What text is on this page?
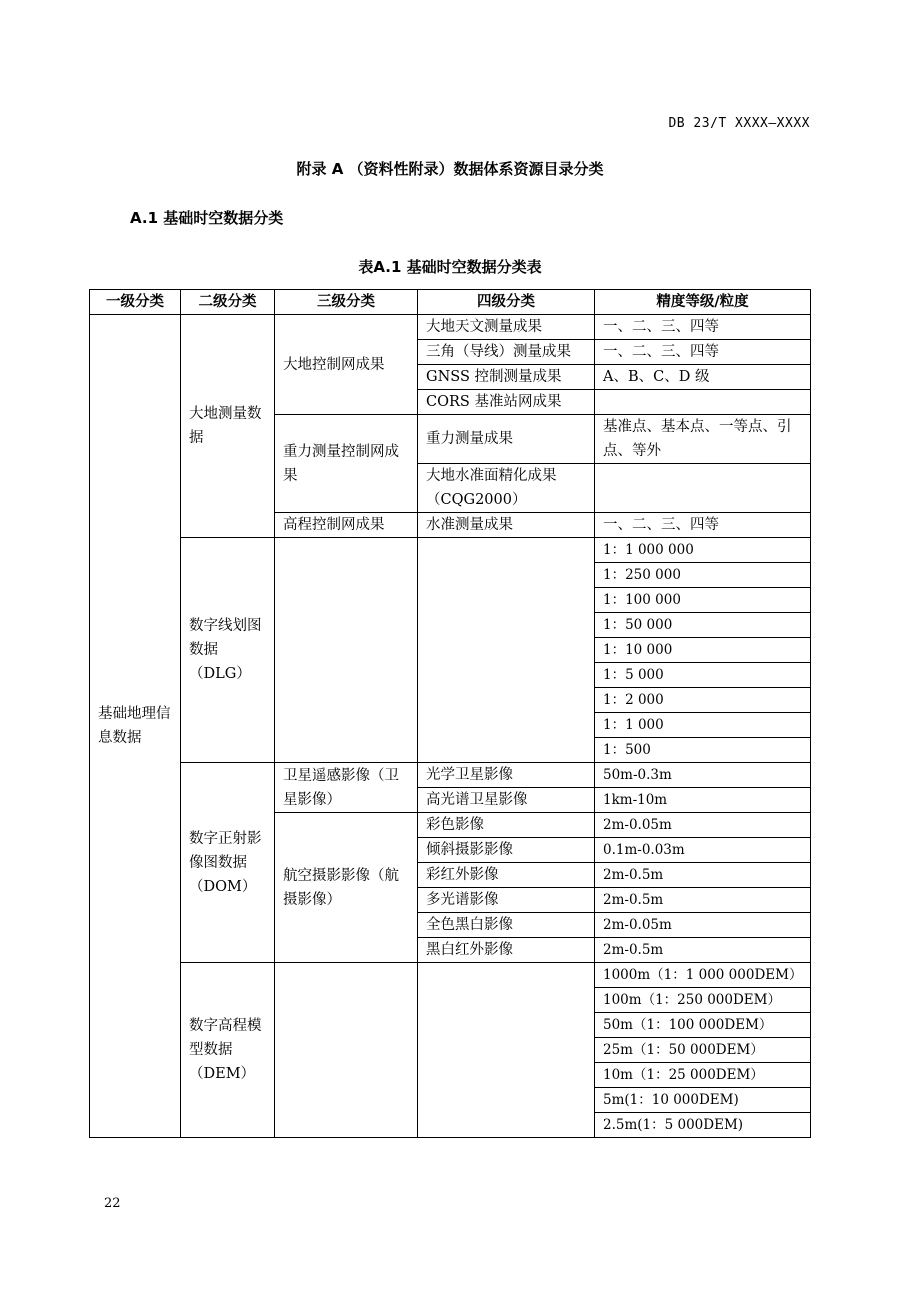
DB 23/T XXXX—XXXX
附录 A （资料性附录）数据体系资源目录分类
A.1 基础时空数据分类
表A.1 基础时空数据分类表
一级分类	二级分类	三级分类	四级分类	精度等级/粒度
基础地理信息数据	大地测量数据	大地控制网成果	大地天文测量成果	一、二、三、四等
			三角（导线）测量成果	一、二、三、四等

			GNSS 控制测量成果	A、B、C、D 级
			CORS 基准站网成果	
		重力测量控制网成果	重力测量成果	基准点、基本点、一等点、引点、等外

			大地水准面精化成果（CQG2000）	
		高程控制网成果	水准测量成果	一、二、三、四等
	数字线划图数据（DLG）			1：1 000 000
				1：250 000
				1：100 000
				1：50 000
				1：10 000
				1：5 000
				1：2 000
				1：1 000
				1：500
	数字正射影像图数据（DOM）	卫星遥感影像（卫星影像）	光学卫星影像	50m-0.3m
			高光谱卫星影像	1km-10m
		航空摄影影像（航摄影像）	彩色影像	2m-0.05m
			倾斜摄影影像	0.1m-0.03m
			彩红外影像	2m-0.5m
			多光谱影像	2m-0.5m
			全色黑白影像	2m-0.05m
			黑白红外影像	2m-0.5m
	数字高程模型数据（DEM）			1000m（1：1 000 000DEM）
				100m（1：250 000DEM）
				50m（1：100 000DEM）
				25m（1：50 000DEM）
				10m（1：25 000DEM）
				5m(1：10 000DEM)
				2.5m(1：5 000DEM)
22
